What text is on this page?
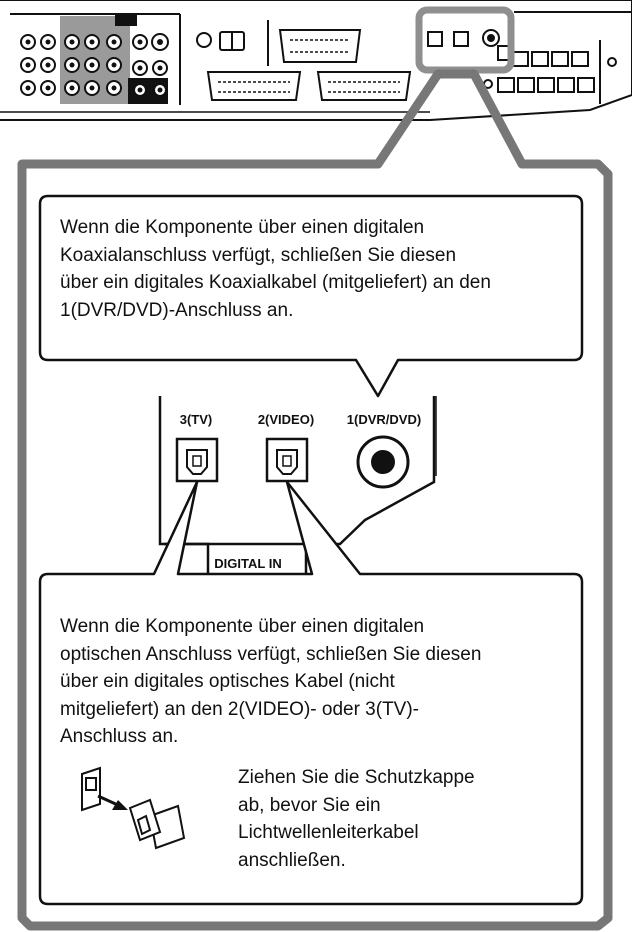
3(TV)	2(VIDEO)	1(DVR/DVD)
DIGITAL IN
Wenn die Komponente über einen digitalen
Koaxialanschluss verfügt, schließen Sie diesen
über ein digitales Koaxialkabel (mitgeliefert) an den
1(DVR/DVD)-Anschluss an.
Wenn die Komponente über einen digitalen
optischen Anschluss verfügt, schließen Sie diesen
über ein digitales optisches Kabel (nicht
mitgeliefert) an den 2(VIDEO)- oder 3(TV)-
Anschluss an.
Ziehen Sie die Schutzkappe
ab, bevor Sie ein
Lichtwellenleiterkabel
anschließen.
